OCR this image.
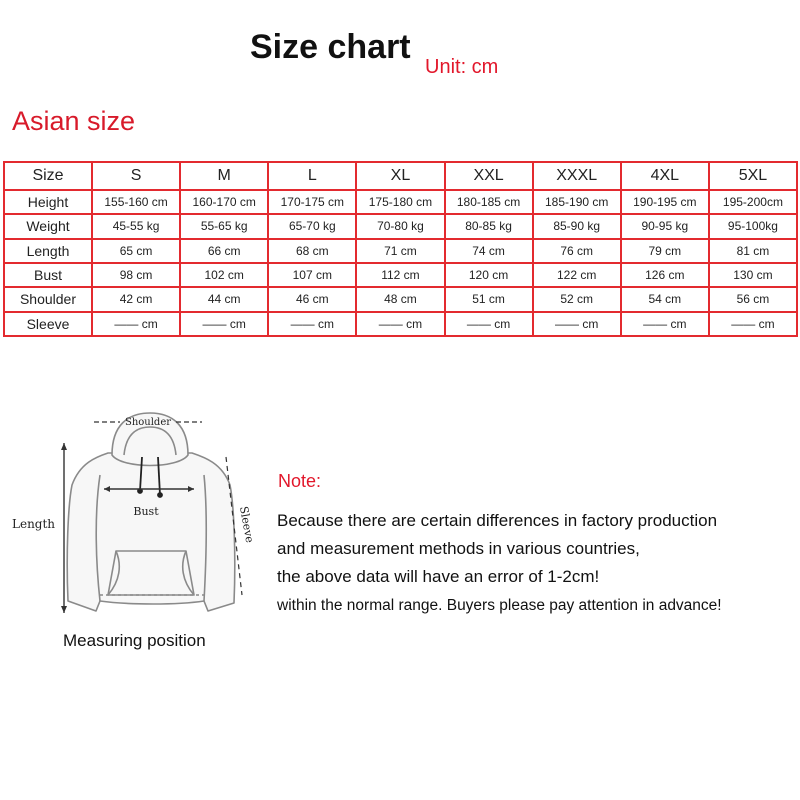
Size chart
Unit: cm
Asian size
Size	S	M	L	XL	XXL	XXXL	4XL	5XL
Height	155-160 cm	160-170 cm	170-175 cm	175-180 cm	180-185 cm	185-190 cm	190-195 cm	195-200cm
Weight	45-55 kg	55-65 kg	65-70 kg	70-80 kg	80-85 kg	85-90 kg	90-95 kg	95-100kg
Length	65 cm	66 cm	68 cm	71 cm	74 cm	76 cm	79 cm	81 cm
Bust	98 cm	102 cm	107 cm	112 cm	120 cm	122 cm	126 cm	130 cm
Shoulder	42 cm	44 cm	46 cm	48 cm	51 cm	52 cm	54 cm	56 cm
Sleeve	—— cm	—— cm	—— cm	—— cm	—— cm	—— cm	—— cm	—— cm
Shoulder
Bust
Length	Sleeve
Measuring position
Note:
Because there are certain differences in factory production
and measurement methods in various countries,
the above data will have an error of 1-2cm!
within the normal range. Buyers please pay attention in advance!
